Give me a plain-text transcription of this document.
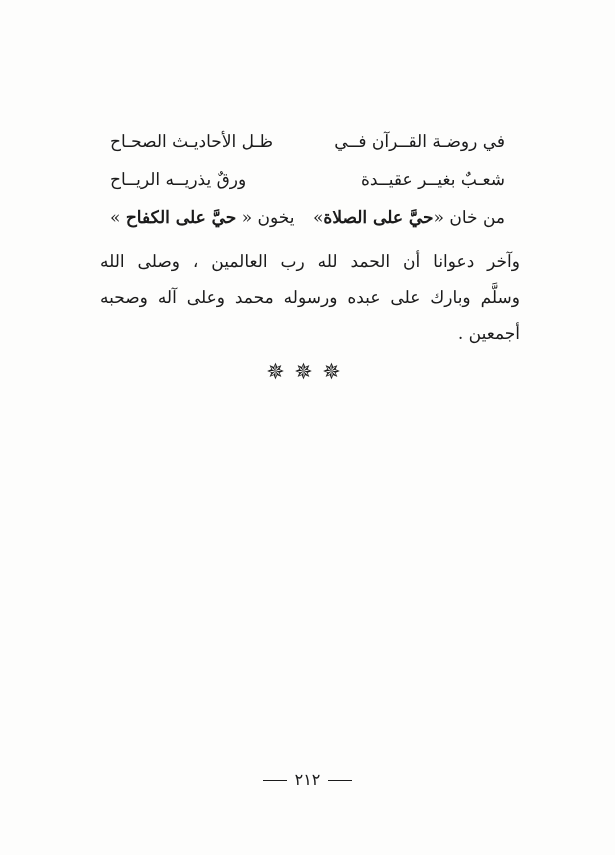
في روضـة القــرآن فــي
ظـل الأحاديـث الصحـاح
شعـبٌ بغيــر عقيــدة
ورقٌ يذريــه الريــاح
من خان «حيَّ على الصلاة»
يخون « حيَّ على الكفاح »
وآخر دعوانا أن الحمد لله رب العالمين ، وصلى الله
وسلَّم وبارك على عبده ورسوله محمد وعلى آله وصحبه
أجمعين .
✵✵✵
٢١٢
